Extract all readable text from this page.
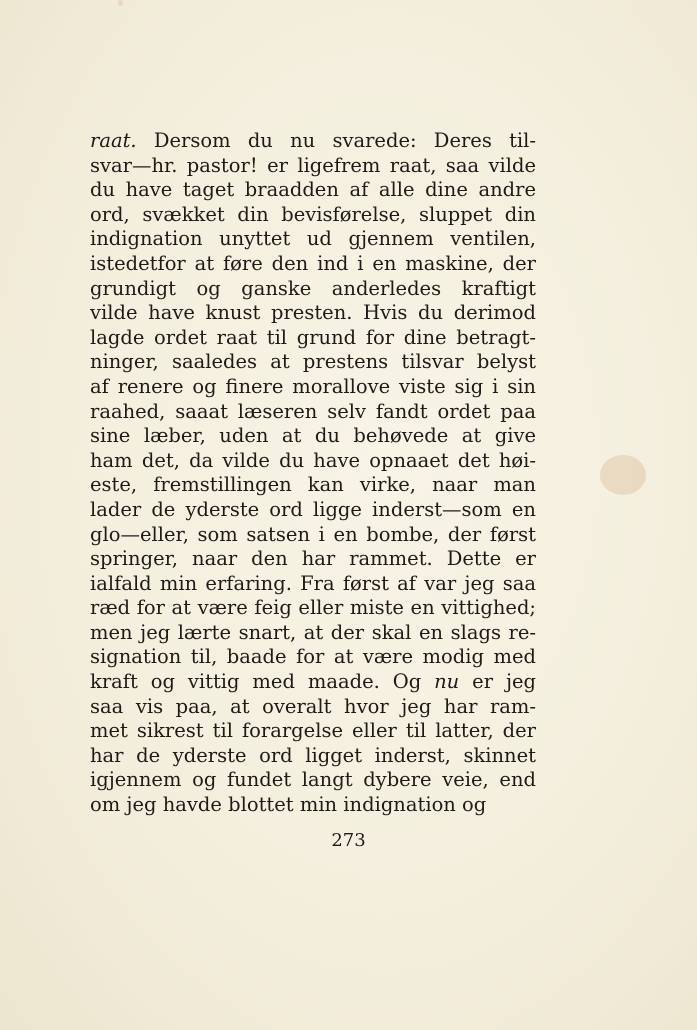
raat. Dersom du nu svarede: Deres til-
svar—hr. pastor! er ligefrem raat, saa vilde
du have taget braadden af alle dine andre
ord, svækket din bevisførelse, sluppet din
indignation unyttet ud gjennem ventilen,
istedetfor at føre den ind i en maskine, der
grundigt og ganske anderledes kraftigt
vilde have knust presten. Hvis du derimod
lagde ordet raat til grund for dine betragt-
ninger, saaledes at prestens tilsvar belyst
af renere og finere morallove viste sig i sin
raahed, saaat læseren selv fandt ordet paa
sine læber, uden at du behøvede at give
ham det, da vilde du have opnaaet det høi-
este, fremstillingen kan virke, naar man
lader de yderste ord ligge inderst—som en
glo—eller, som satsen i en bombe, der først
springer, naar den har rammet. Dette er
ialfald min erfaring. Fra først af var jeg saa
ræd for at være feig eller miste en vittighed;
men jeg lærte snart, at der skal en slags re-
signation til, baade for at være modig med
kraft og vittig med maade. Og nu er jeg
saa vis paa, at overalt hvor jeg har ram-
met sikrest til forargelse eller til latter, der
har de yderste ord ligget inderst, skinnet
igjennem og fundet langt dybere veie, end
om jeg havde blottet min indignation og
273
